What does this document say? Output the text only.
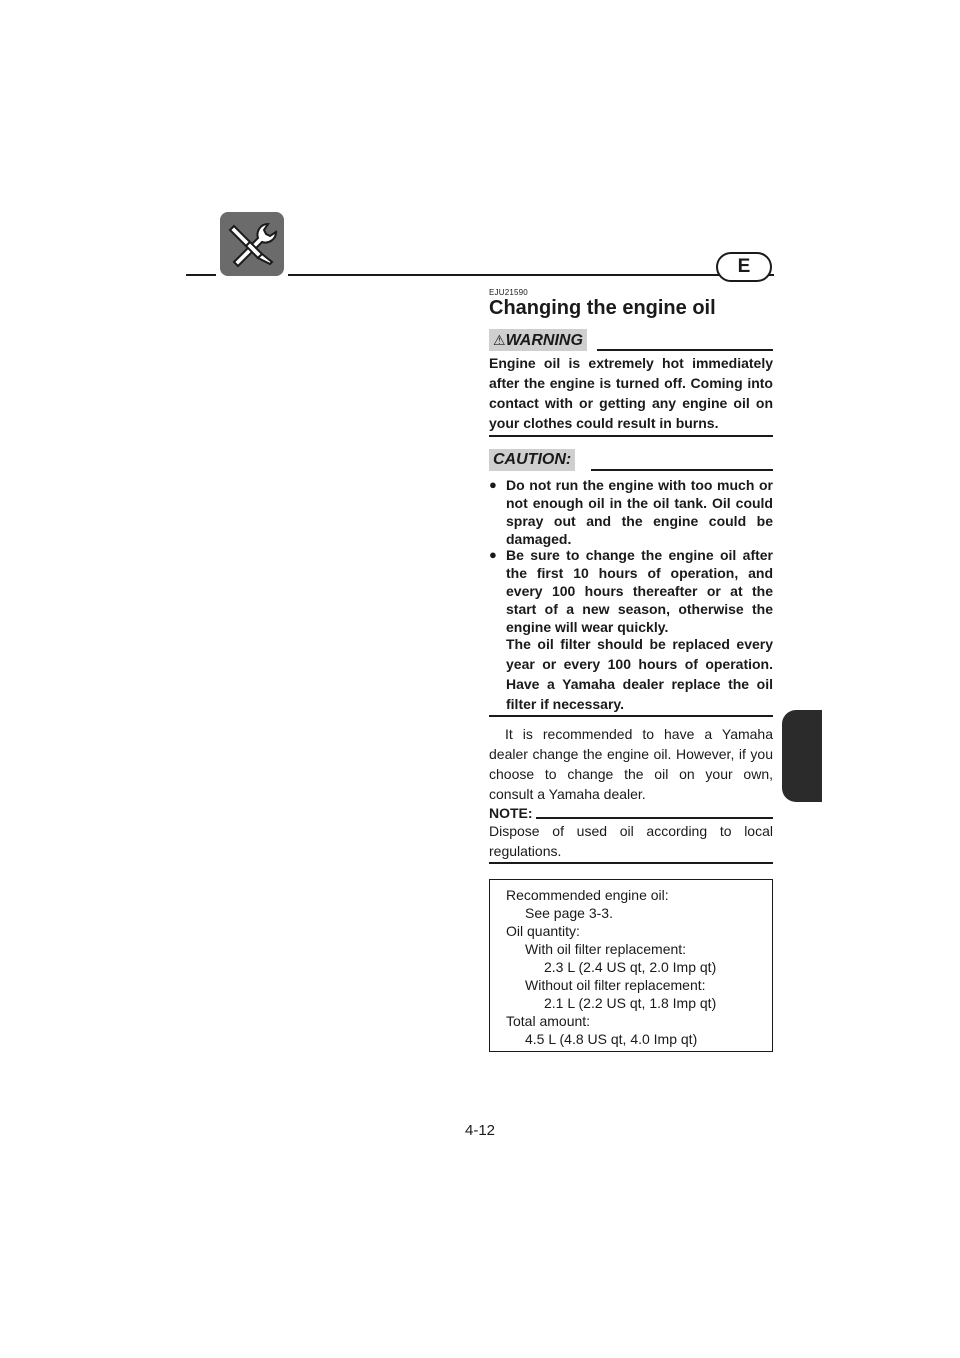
E
EJU21590
Changing the engine oil
⚠WARNING
Engine oil is extremely hot immediately after the engine is turned off. Coming into contact with or getting any engine oil on your clothes could result in burns.
CAUTION:
● Do not run the engine with too much or not enough oil in the oil tank. Oil could spray out and the engine could be damaged.
● Be sure to change the engine oil after the first 10 hours of operation, and every 100 hours thereafter or at the start of a new season, otherwise the engine will wear quickly.
The oil filter should be replaced every year or every 100 hours of operation. Have a Yamaha dealer replace the oil filter if necessary.
It is recommended to have a Yamaha dealer change the engine oil. However, if you choose to change the oil on your own, consult a Yamaha dealer.
NOTE:
Dispose of used oil according to local regulations.
Recommended engine oil:
See page 3-3.
Oil quantity:
With oil filter replacement:
2.3 L (2.4 US qt, 2.0 Imp qt)
Without oil filter replacement:
2.1 L (2.2 US qt, 1.8 Imp qt)
Total amount:
4.5 L (4.8 US qt, 4.0 Imp qt)
4-12
